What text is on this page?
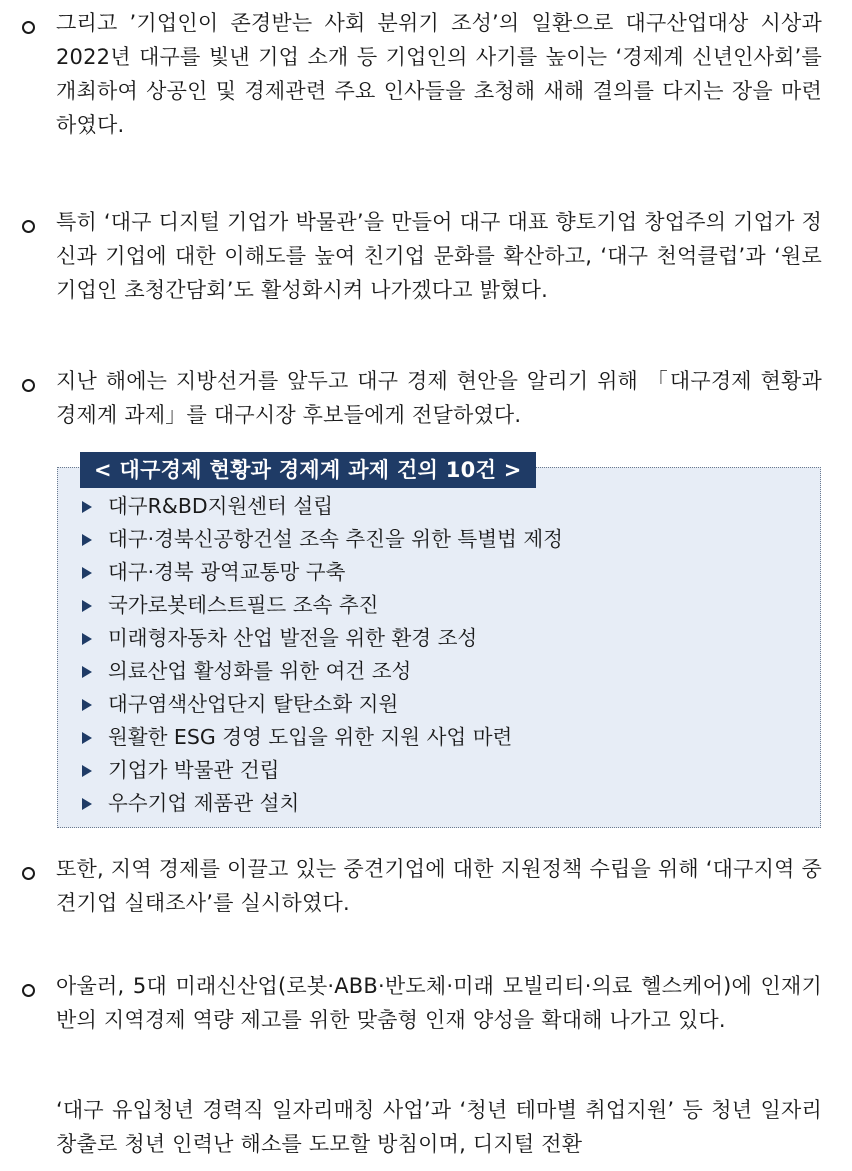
그리고 ’기업인이 존경받는 사회 분위기 조성’의 일환으로 대구산업대상 시상과 2022년 대구를 빛낸 기업 소개 등 기업인의 사기를 높이는 ‘경제계 신년인사회’를 개최하여 상공인 및 경제관련 주요 인사들을 초청해 새해 결의를 다지는 장을 마련하였다.
특히 ‘대구 디지털 기업가 박물관’을 만들어 대구 대표 향토기업 창업주의 기업가 정신과 기업에 대한 이해도를 높여 친기업 문화를 확산하고, ‘대구 천억클럽’과 ‘원로 기업인 초청간담회’도 활성화시켜 나가겠다고 밝혔다.
지난 해에는 지방선거를 앞두고 대구 경제 현안을 알리기 위해 「대구경제 현황과 경제계 과제」를 대구시장 후보들에게 전달하였다.
< 대구경제 현황과 경제계 과제 건의 10건 >
대구R&BD지원센터 설립
대구·경북신공항건설 조속 추진을 위한 특별법 제정
대구·경북 광역교통망 구축
국가로봇테스트필드 조속 추진
미래형자동차 산업 발전을 위한 환경 조성
의료산업 활성화를 위한 여건 조성
대구염색산업단지 탈탄소화 지원
원활한 ESG 경영 도입을 위한 지원 사업 마련
기업가 박물관 건립
우수기업 제품관 설치
또한, 지역 경제를 이끌고 있는 중견기업에 대한 지원정책 수립을 위해 ‘대구지역 중견기업 실태조사’를 실시하였다.
아울러, 5대 미래신산업(로봇·ABB·반도체·미래 모빌리티·의료 헬스케어)에 인재기반의 지역경제 역량 제고를 위한 맞춤형 인재 양성을 확대해 나가고 있다.
‘대구 유입청년 경력직 일자리매칭 사업’과 ‘청년 테마별 취업지원’ 등 청년 일자리 창출로 청년 인력난 해소를 도모할 방침이며, 디지털 전환
